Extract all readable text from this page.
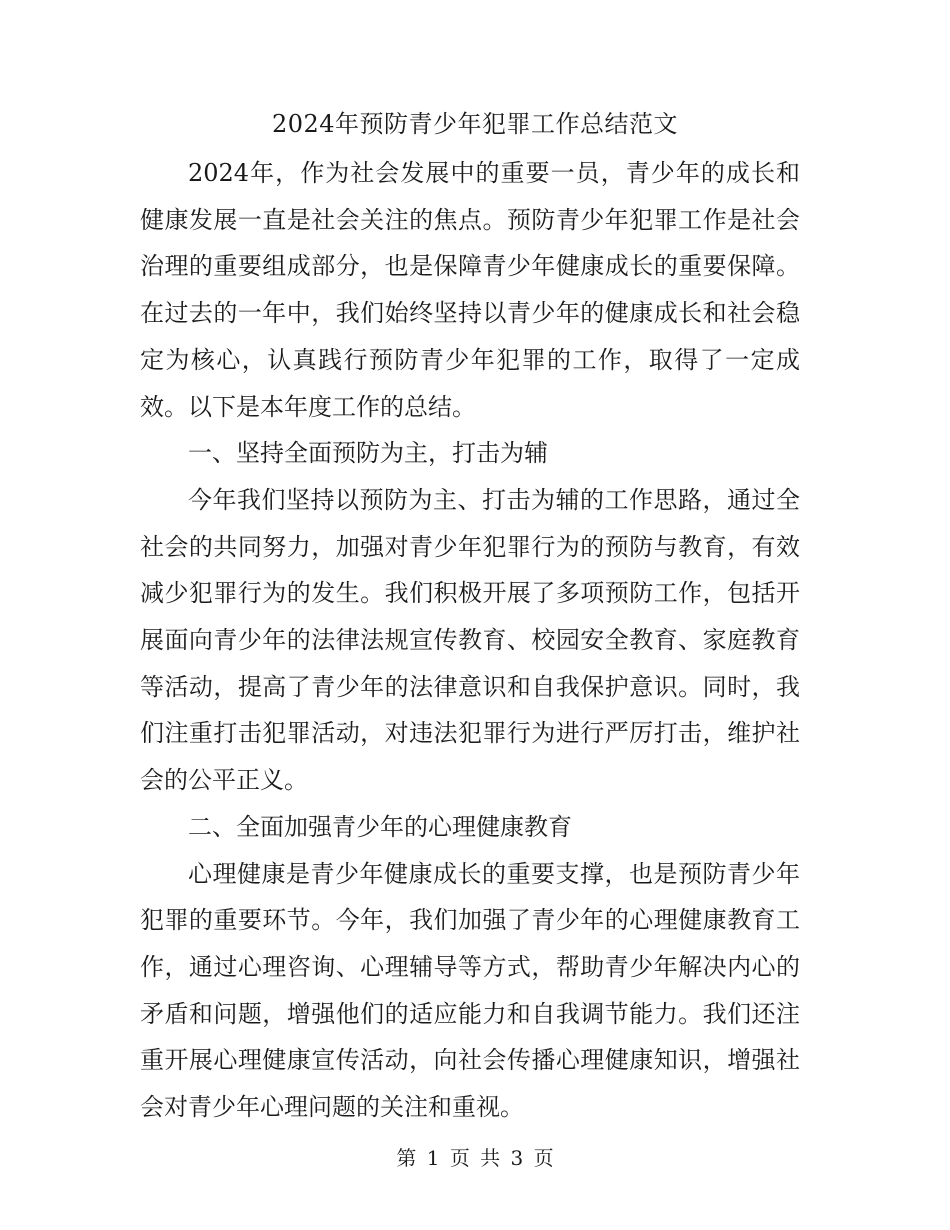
2024年预防青少年犯罪工作总结范文

2024年，作为社会发展中的重要一员，青少年的成长和健康发展一直是社会关注的焦点。预防青少年犯罪工作是社会治理的重要组成部分，也是保障青少年健康成长的重要保障。在过去的一年中，我们始终坚持以青少年的健康成长和社会稳定为核心，认真践行预防青少年犯罪的工作，取得了一定成效。以下是本年度工作的总结。

一、坚持全面预防为主，打击为辅

今年我们坚持以预防为主、打击为辅的工作思路，通过全社会的共同努力，加强对青少年犯罪行为的预防与教育，有效减少犯罪行为的发生。我们积极开展了多项预防工作，包括开展面向青少年的法律法规宣传教育、校园安全教育、家庭教育等活动，提高了青少年的法律意识和自我保护意识。同时，我们注重打击犯罪活动，对违法犯罪行为进行严厉打击，维护社会的公平正义。

二、全面加强青少年的心理健康教育

心理健康是青少年健康成长的重要支撑，也是预防青少年犯罪的重要环节。今年，我们加强了青少年的心理健康教育工作，通过心理咨询、心理辅导等方式，帮助青少年解决内心的矛盾和问题，增强他们的适应能力和自我调节能力。我们还注重开展心理健康宣传活动，向社会传播心理健康知识，增强社会对青少年心理问题的关注和重视。

第 1 页 共 3 页
